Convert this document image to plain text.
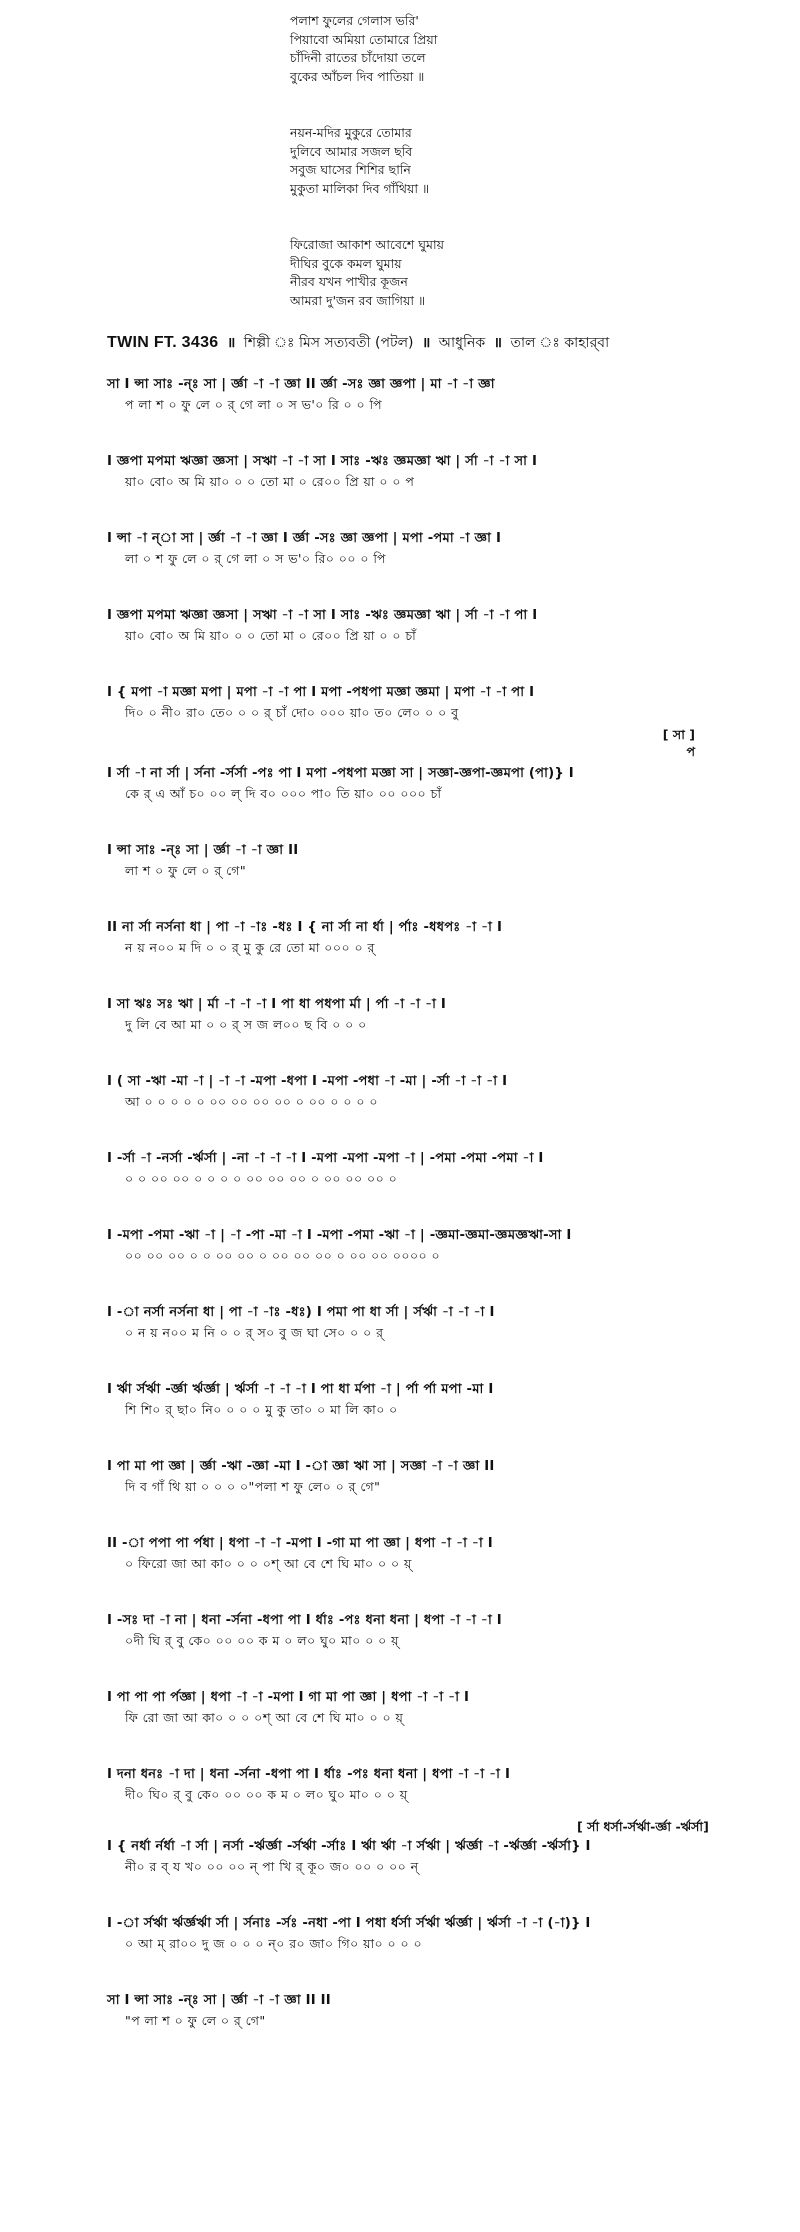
পলাশ ফুলের গেলাস ভরি'
পিয়াবো অমিয়া তোমারে প্রিয়া
চাঁদিনী রাতের চাঁদোয়া তলে
বুকের আঁচল দিব পাতিয়া ॥
নয়ন-মদির মুকুরে তোমার
দুলিবে আমার সজল ছবি
সবুজ ঘাসের শিশির ছানি
মুকুতা মালিকা দিব গাঁথিয়া ॥
ফিরোজা আকাশ আবেশে ঘুমায়
দীঘির বুকে কমল ঘুমায়
নীরব যখন পাখীর কূজন
আমরা দু'জন রব জাগিয়া ॥
TWIN FT. 3436 ॥ শিল্পী ঃ মিস সত্যবতী (পটল) ॥ আধুনিক ॥ তাল ঃ কাহার্‌বা
সা I ন্সা সাঃ -ন্‌ঃ সা | র্জ্ঞা -া -া জ্ঞা II র্জ্ঞা -সঃ জ্ঞা জ্ঞপা | মা -া -া জ্ঞা
প লা শ ০ ফু লে ০ র্‌ গে লা ০ স ভ'০ রি ০ ০ পি
I জ্ঞপা মপমা ঋজ্ঞা জ্ঞসা | সঋা -া -া সা I সাঃ -ঋঃ জ্ঞমজ্ঞা ঋা | র্সা -া -া সা I
য়া০ বো০ অ মি য়া০ ০ ০ তো মা ০ রে০০ প্রি য়া ০ ০ প
I ন্সা -া ন্‌া সা | র্জ্ঞা -া -া জ্ঞা I র্জ্ঞা -সঃ জ্ঞা জ্ঞপা | মপা -পমা -া জ্ঞা I
লা ০ শ ফু লে ০ র্‌ গে লা ০ স ভ'০ রি০ ০০ ০ পি
I জ্ঞপা মপমা ঋজ্ঞা জ্ঞসা | সঋা -া -া সা I সাঃ -ঋঃ জ্ঞমজ্ঞা ঋা | র্সা -া -া পা I
য়া০ বো০ অ মি য়া০ ০ ০ তো মা ০ রে০০ প্রি য়া ০ ০ চাঁ
I { মপা -া মজ্ঞা মপা | মপা -া -া পা I মপা -পধপা মজ্ঞা জ্ঞমা | মপা -া -া পা I
দি০ ০ নী০ রা০ তে০ ০ ০ র্‌ চাঁ দো০ ০০০ য়া০ ত০ লে০ ০ ০ বু
[ সা ]
প
I র্সা -া না র্সা | র্সনা -র্সর্সা -পঃ পা I মপা -পধপা মজ্ঞা সা | সজ্ঞা-জ্ঞপা-জ্ঞমপা (পা)} I
কে র্‌ এ আঁ চ০ ০০ ল্‌ দি ব০ ০০০ পা০ তি য়া০ ০০ ০০০ চাঁ
I ন্সা সাঃ -ন্‌ঃ সা | র্জ্ঞা -া -া জ্ঞা II
লা শ ০ ফু লে ০ র্‌ গে"
II না র্সা নর্সনা ধা | পা -া -াঃ -ধঃ I { না র্সা না র্ধা | র্পাঃ -ধধপঃ -া -া I
ন য় ন০০ ম দি ০ ০ র্‌ মু কু রে তো মা ০০০ ০ র্‌
I সা ঋঃ সঃ ঋা | র্মা -া -া -া I পা ধা পধপা র্মা | র্পা -া -া -া I
দু লি বে আ মা ০ ০ র্‌ স জ ল০০ ছ বি ০ ০ ০
I ( সা -ঋা -মা -া | -া -া -মপা -ধপা I -মপা -পধা -া -মা | -র্সা -া -া -া I
আ ০ ০ ০ ০ ০ ০০ ০০ ০০ ০০ ০ ০০ ০ ০ ০ ০
I -র্সা -া -নর্সা -র্ঋর্সা | -না -া -া -া I -মপা -মপা -মপা -া | -পমা -পমা -পমা -া I
০ ০ ০০ ০০ ০ ০ ০ ০ ০০ ০০ ০০ ০ ০০ ০০ ০০ ০
I -মপা -পমা -ঋা -া | -া -পা -মা -া I -মপা -পমা -ঋা -া | -জ্ঞমা-জ্ঞমা-জ্ঞমজ্ঞঋা-সা I
০০ ০০ ০০ ০ ০ ০০ ০০ ০ ০০ ০০ ০০ ০ ০০ ০০ ০০০০ ০
I -া নর্সা নর্সনা ধা | পা -া -াঃ -ধঃ) I পমা পা ধা র্সা | র্সর্ঋা -া -া -া I
০ ন য় ন০০ ম নি ০ ০ র্‌ স০ বু জ ঘা সে০ ০ ০ র্‌
I র্ঋা র্সর্ঋা -র্জ্ঞা র্ঋর্জ্ঞা | র্ঋর্সা -া -া -া I পা ধা র্মপা -া | র্পা র্পা মপা -মা I
শি শি০ র্‌ ছা০ নি০ ০ ০ ০ মু কু তা০ ০ মা লি কা০ ০
I পা মা পা জ্ঞা | র্জ্ঞা -ঋা -জ্ঞা -মা I -া জ্ঞা ঋা সা | সজ্ঞা -া -া জ্ঞা II
দি ব গাঁ থি য়া ০ ০ ০ ০"পলা শ ফু লে০ ০ র্‌ গে"
II -া পপা পা র্পধা | ধপা -া -া -মপা I -গা মা পা জ্ঞা | ধপা -া -া -া I
০ ফিরো জা আ কা০ ০ ০ ০শ্‌ আ বে শে ঘি মা০ ০ ০ য়্‌
I -সঃ দা -া না | ধনা -র্সনা -ধপা পা I র্ধাঃ -পঃ ধনা ধনা | ধপা -া -া -া I
০দী ঘি র্‌ বু কে০ ০০ ০০ ক ম ০ ল০ ঘু০ মা০ ০ ০ য়্‌
I পা পা পা র্পজ্ঞা | ধপা -া -া -মপা I গা মা পা জ্ঞা | ধপা -া -া -া I
ফি রো জা আ কা০ ০ ০ ০শ্‌ আ বে শে ঘি মা০ ০ ০ য়্‌
I দনা ধনঃ -া দা | ধনা -র্সনা -ধপা পা I র্ধাঃ -পঃ ধনা ধনা | ধপা -া -া -া I
দী০ ঘি০ র্‌ বু কে০ ০০ ০০ ক ম ০ ল০ ঘু০ মা০ ০ ০ য়্‌
[ র্সা ধর্সা-র্সর্ঋা-র্জ্ঞা -র্ঋর্সা]
I { নর্ধা র্নর্ধা -া র্সা | নর্সা -র্ঋর্জ্ঞা -র্সর্ঋা -র্সাঃ I র্ঋা র্ঋা -া র্সর্ঋা | র্ঋর্জ্ঞা -া -র্ঋর্জ্ঞা -র্ঋর্সা} I
নী০ র ব্‌ য খ০ ০০ ০০ ন্‌ পা খি র্‌ কূ০ জ০ ০০ ০ ০০ ন্‌
I -া র্সর্ঋা র্ঋর্জ্ঞর্ঋা র্সা | র্সনাঃ -র্সঃ -নধা -পা I পধা র্ধর্সা র্সর্ঋা র্ঋর্জ্ঞা | র্ঋর্সা -া -া (-া)} I
০ আ ম্‌ রা০০ দু জ ০ ০ ০ ন্‌০ র০ জা০ গি০ য়া০ ০ ০ ০
সা I ন্সা সাঃ -ন্‌ঃ সা | র্জ্ঞা -া -া জ্ঞা II II
"প লা শ ০ ফু লে ০ র্‌ গে"
